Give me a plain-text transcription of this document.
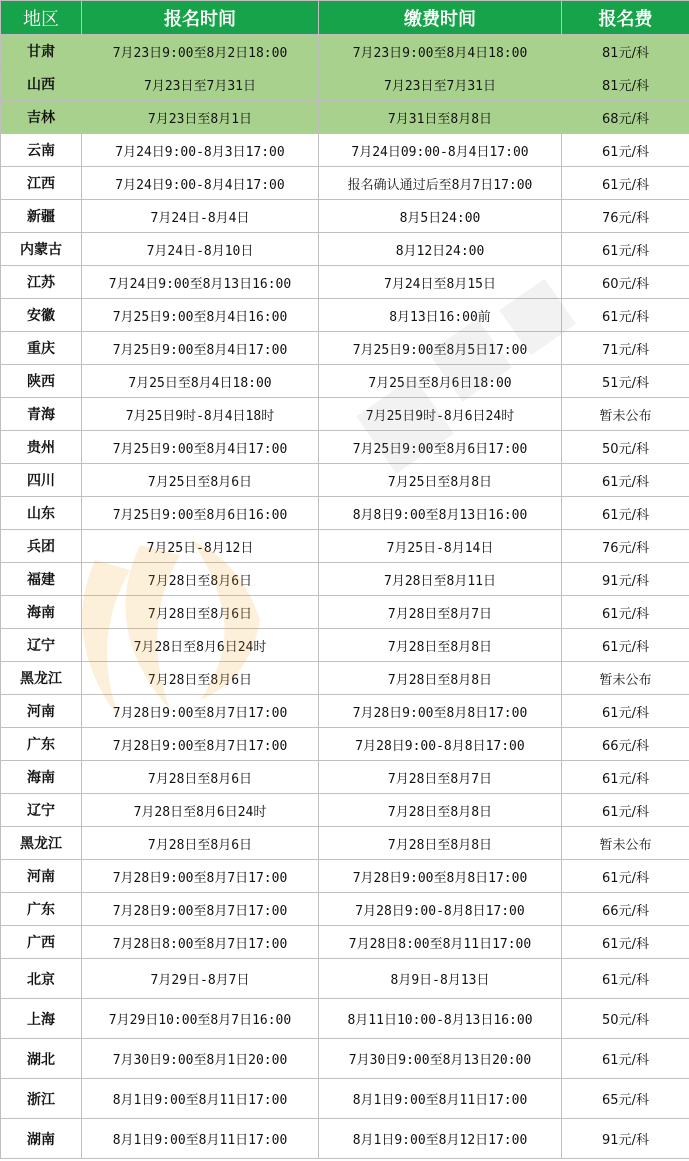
地区	报名时间	缴费时间	报名费
甘肃	7月23日9:00至8月2日18:00	7月23日9:00至8月4日18:00	81元/科
山西	7月23日至7月31日	7月23日至7月31日	81元/科
吉林	7月23日至8月1日	7月31日至8月8日	68元/科
云南	7月24日9:00-8月3日17:00	7月24日09:00-8月4日17:00	61元/科
江西	7月24日9:00-8月4日17:00	报名确认通过后至8月7日17:00	61元/科
新疆	7月24日-8月4日	8月5日24:00	76元/科
内蒙古	7月24日-8月10日	8月12日24:00	61元/科
江苏	7月24日9:00至8月13日16:00	7月24日至8月15日	60元/科
安徽	7月25日9:00至8月4日16:00	8月13日16:00前	61元/科
重庆	7月25日9:00至8月4日17:00	7月25日9:00至8月5日17:00	71元/科
陕西	7月25日至8月4日18:00	7月25日至8月6日18:00	51元/科
青海	7月25日9时-8月4日18时	7月25日9时-8月6日24时	暂未公布
贵州	7月25日9:00至8月4日17:00	7月25日9:00至8月6日17:00	50元/科
四川	7月25日至8月6日	7月25日至8月8日	61元/科
山东	7月25日9:00至8月6日16:00	8月8日9:00至8月13日16:00	61元/科
兵团	7月25日-8月12日	7月25日-8月14日	76元/科
福建	7月28日至8月6日	7月28日至8月11日	91元/科
海南	7月28日至8月6日	7月28日至8月7日	61元/科
辽宁	7月28日至8月6日24时	7月28日至8月8日	61元/科
黑龙江	7月28日至8月6日	7月28日至8月8日	暂未公布
河南	7月28日9:00至8月7日17:00	7月28日9:00至8月8日17:00	61元/科
广东	7月28日9:00至8月7日17:00	7月28日9:00-8月8日17:00	66元/科
海南	7月28日至8月6日	7月28日至8月7日	61元/科
辽宁	7月28日至8月6日24时	7月28日至8月8日	61元/科
黑龙江	7月28日至8月6日	7月28日至8月8日	暂未公布
河南	7月28日9:00至8月7日17:00	7月28日9:00至8月8日17:00	61元/科
广东	7月28日9:00至8月7日17:00	7月28日9:00-8月8日17:00	66元/科
广西	7月28日8:00至8月7日17:00	7月28日8:00至8月11日17:00	61元/科
北京	7月29日-8月7日	8月9日-8月13日	61元/科
上海	7月29日10:00至8月7日16:00	8月11日10:00-8月13日16:00	50元/科
湖北	7月30日9:00至8月1日20:00	7月30日9:00至8月13日20:00	61元/科
浙江	8月1日9:00至8月11日17:00	8月1日9:00至8月11日17:00	65元/科
湖南	8月1日9:00至8月11日17:00	8月1日9:00至8月12日17:00	91元/科
